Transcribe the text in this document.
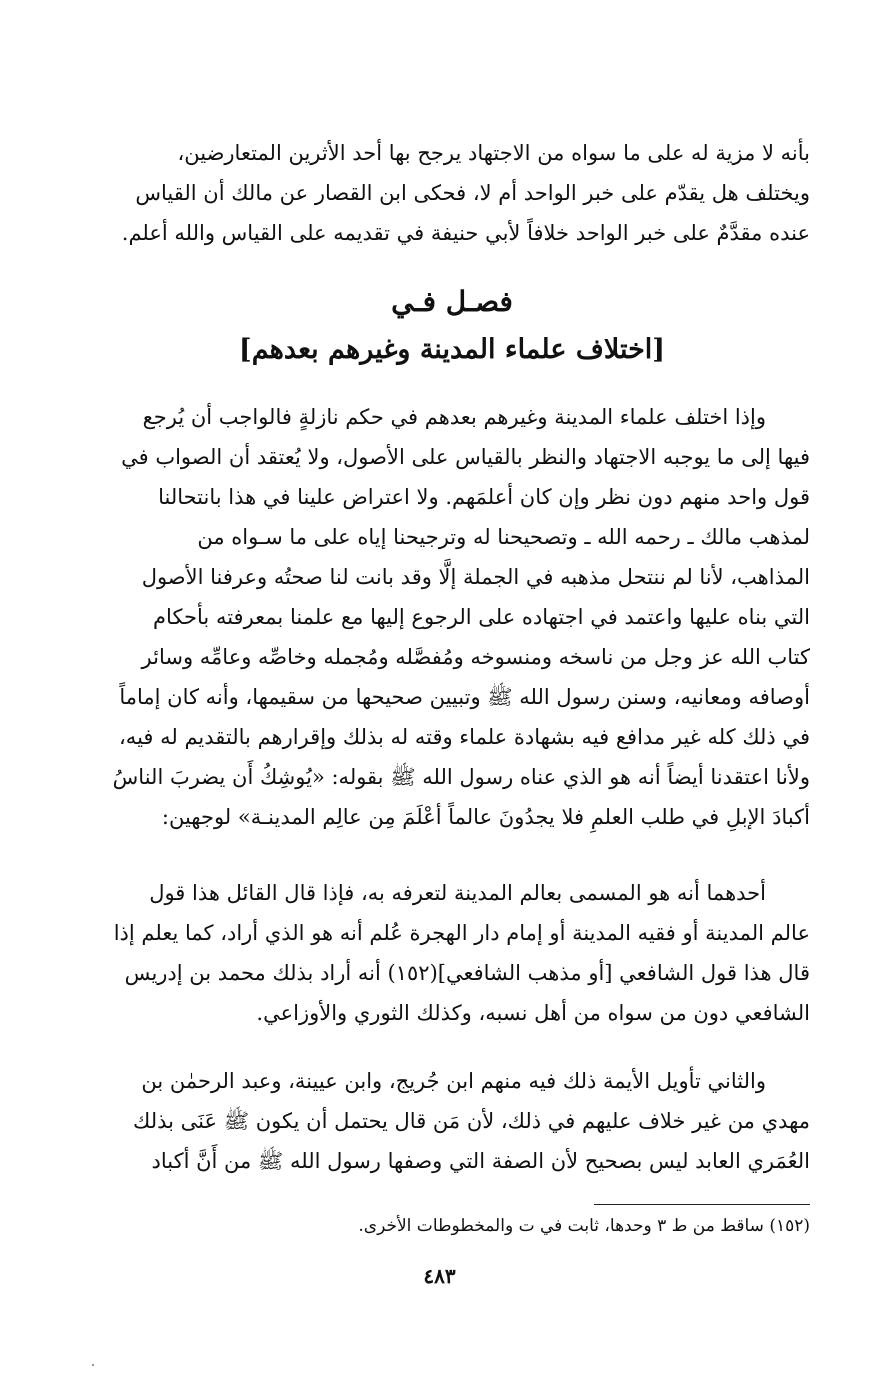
بأنه لا مزية له على ما سواه من الاجتهاد يرجح بها أحد الأثرين المتعارضين،
ويختلف هل يقدّم على خبر الواحد أم لا، فحكى ابن القصار عن مالك أن القياس
عنده مقدَّمٌ على خبر الواحد خلافاً لأبي حنيفة في تقديمه على القياس والله أعلم.
فصـل فـي
[اختلاف علماء المدينة وغيرهم بعدهم]
وإذا اختلف علماء المدينة وغيرهم بعدهم في حكم نازلةٍ فالواجب أن يُرجع
فيها إلى ما يوجبه الاجتهاد والنظر بالقياس على الأصول، ولا يُعتقد أن الصواب في
قول واحد منهم دون نظر وإن كان أعلمَهم. ولا اعتراض علينا في هذا بانتحالنا
لمذهب مالك ـ رحمه الله ـ وتصحيحنا له وترجيحنا إياه على ما سـواه من
المذاهب، لأنا لم ننتحل مذهبه في الجملة إلَّا وقد بانت لنا صحتُه وعرفنا الأصول
التي بناه عليها واعتمد في اجتهاده على الرجوع إليها مع علمنا بمعرفته بأحكام
كتاب الله عز وجل من ناسخه ومنسوخه ومُفصَّله ومُجمله وخاصِّه وعامِّه وسائر
أوصافه ومعانيه، وسنن رسول الله ﷺ وتبيين صحيحها من سقيمها، وأنه كان إماماً
في ذلك كله غير مدافع فيه بشهادة علماء وقته له بذلك وإقرارهم بالتقديم له فيه،
ولأنا اعتقدنا أيضاً أنه هو الذي عناه رسول الله ﷺ بقوله: «يُوشِكُ أَن يضربَ الناسُ
أكبادَ الإبلِ في طلب العلمِ فلا يجدُونَ عالماً أعْلَمَ مِن عالِم المدينـة» لوجهين:
أحدهما أنه هو المسمى بعالم المدينة لتعرفه به، فإذا قال القائل هذا قول
عالم المدينة أو فقيه المدينة أو إمام دار الهجرة عُلم أنه هو الذي أراد، كما يعلم إذا
قال هذا قول الشافعي [أو مذهب الشافعي](١٥٢) أنه أراد بذلك محمد بن إدريس
الشافعي دون من سواه من أهل نسبه، وكذلك الثوري والأوزاعي.
والثاني تأويل الأيمة ذلك فيه منهم ابن جُريج، وابن عيينة، وعبد الرحمٰن بن
مهدي من غير خلاف عليهم في ذلك، لأن مَن قال يحتمل أن يكون ﷺ عَنَى بذلك
العُمَري العابد ليس بصحيح لأن الصفة التي وصفها رسول الله ﷺ من أَنَّ أكباد
(١٥٢) ساقط من ط ٣ وحدها، ثابت في ت والمخطوطات الأخرى.
٤٨٣
